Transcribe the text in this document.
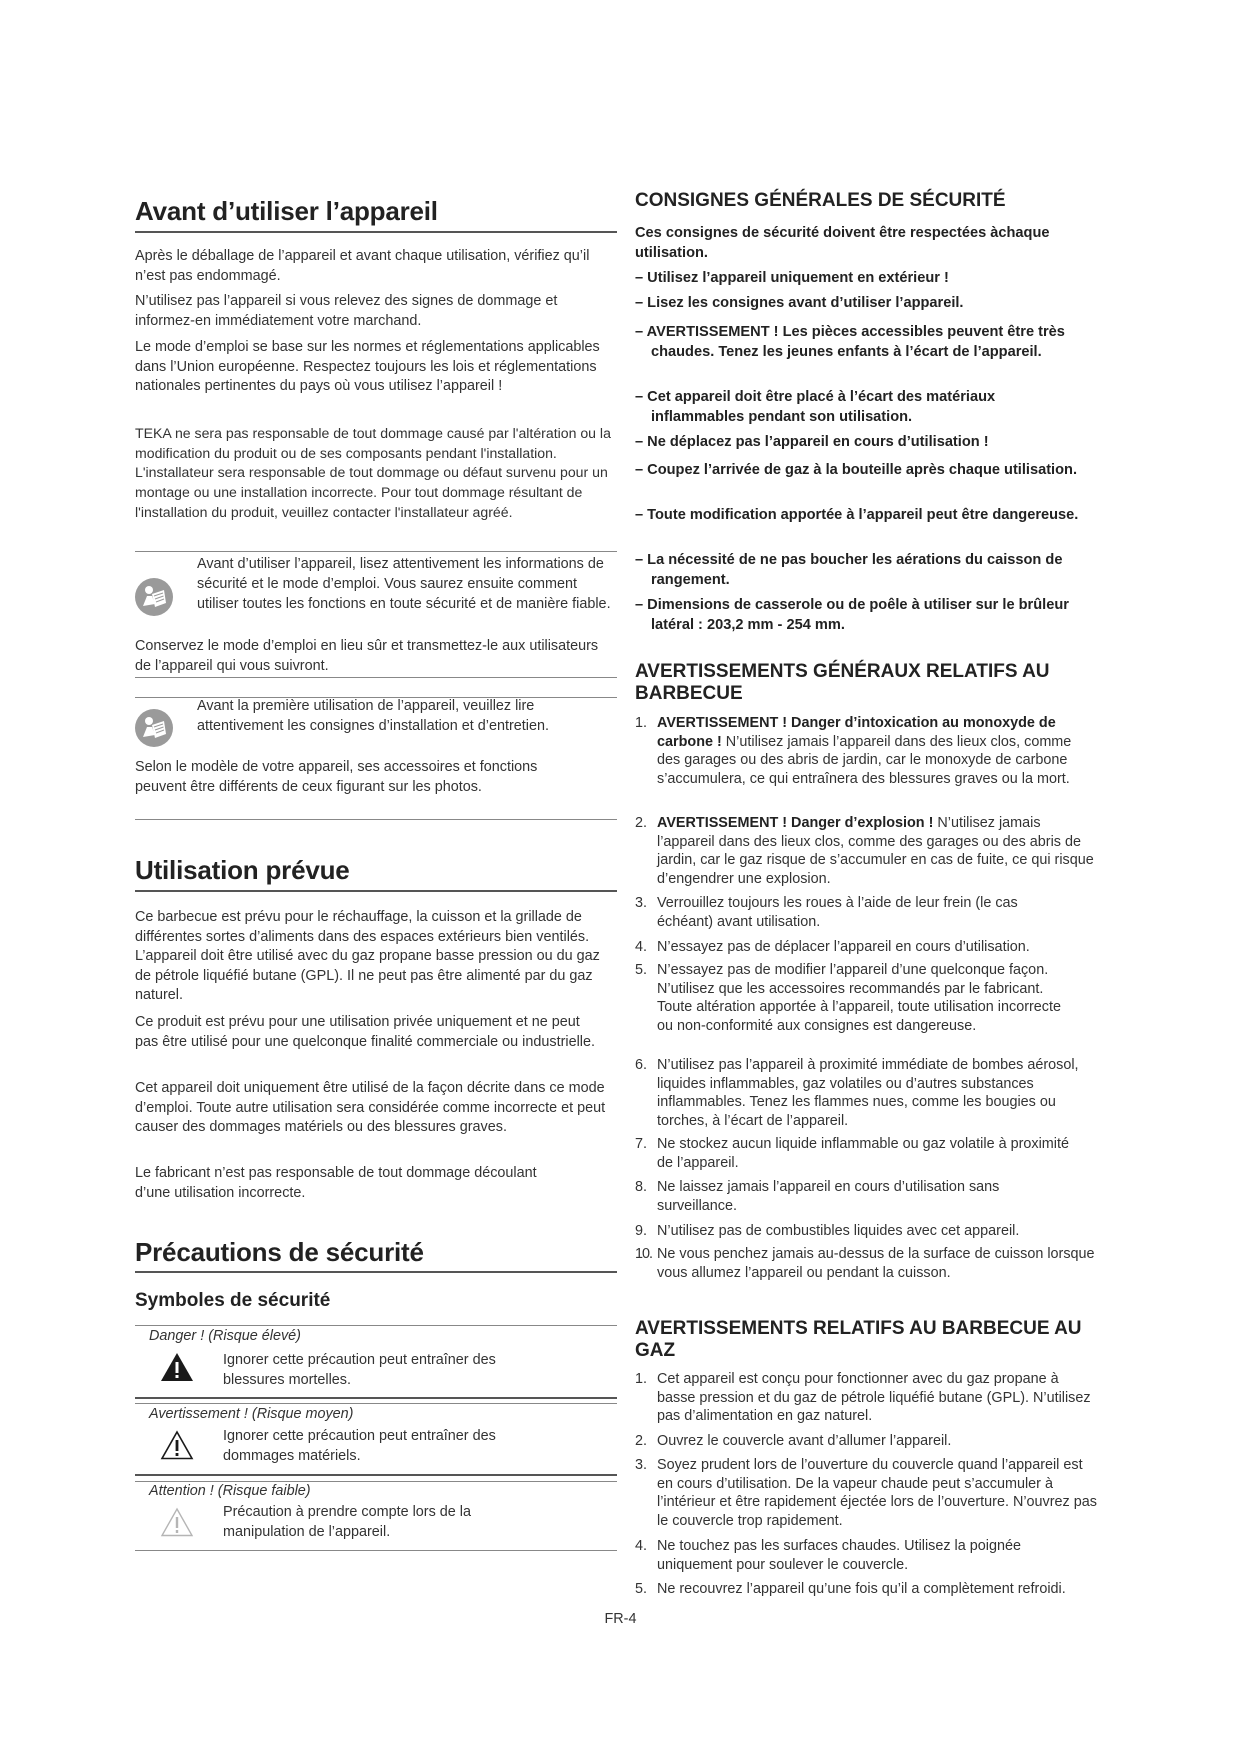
Avant d’utiliser l’appareil

Après le déballage de l’appareil et avant chaque utilisation, vérifiez qu’il n’est pas endommagé.

N’utilisez pas l’appareil si vous relevez des signes de dommage et informez-en immédiatement votre marchand.

Le mode d’emploi se base sur les normes et réglementations applicables dans l’Union européenne. Respectez toujours les lois et réglementations nationales pertinentes du pays où vous utilisez l’appareil !

TEKA ne sera pas responsable de tout dommage causé par l'altération ou la modification du produit ou de ses composants pendant l'installation. L'installateur sera responsable de tout dommage ou défaut survenu pour un montage ou une installation incorrecte. Pour tout dommage résultant de l'installation du produit, veuillez contacter l'installateur agréé.

Avant d’utiliser l’appareil, lisez attentivement les informations de sécurité et le mode d’emploi. Vous saurez ensuite comment utiliser toutes les fonctions en toute sécurité et de manière fiable.

Conservez le mode d’emploi en lieu sûr et transmettez-le aux utilisateurs de l’appareil qui vous suivront.

Avant la première utilisation de l’appareil, veuillez lire attentivement les consignes d’installation et d’entretien.

Selon le modèle de votre appareil, ses accessoires et fonctions peuvent être différents de ceux figurant sur les photos.

Utilisation prévue

Ce barbecue est prévu pour le réchauffage, la cuisson et la grillade de différentes sortes d’aliments dans des espaces extérieurs bien ventilés. L’appareil doit être utilisé avec du gaz propane basse pression ou du gaz de pétrole liquéfié butane (GPL). Il ne peut pas être alimenté par du gaz naturel.

Ce produit est prévu pour une utilisation privée uniquement et ne peut pas être utilisé pour une quelconque finalité commerciale ou industrielle.

Cet appareil doit uniquement être utilisé de la façon décrite dans ce mode d’emploi. Toute autre utilisation sera considérée comme incorrecte et peut causer des dommages matériels ou des blessures graves.

Le fabricant n’est pas responsable de tout dommage découlant d’une utilisation incorrecte.

Précautions de sécurité
Symboles de sécurité

Danger ! (Risque élevé)

Ignorer cette précaution peut entraîner des blessures mortelles.

Avertissement ! (Risque moyen)

Ignorer cette précaution peut entraîner des dommages matériels.

Attention ! (Risque faible)

Précaution à prendre compte lors de la manipulation de l’appareil.

CONSIGNES GÉNÉRALES DE SÉCURITÉ

Ces consignes de sécurité doivent être respectées àchaque utilisation.

– Utilisez l’appareil uniquement en extérieur !

– Lisez les consignes avant d’utiliser l’appareil.

– AVERTISSEMENT ! Les pièces accessibles peuvent être très chaudes. Tenez les jeunes enfants à l’écart de l’appareil.

– Cet appareil doit être placé à l’écart des matériaux inflammables pendant son utilisation.

– Ne déplacez pas l’appareil en cours d’utilisation !

– Coupez l’arrivée de gaz à la bouteille après chaque utilisation.

– Toute modification apportée à l’appareil peut être dangereuse.

– La nécessité de ne pas boucher les aérations du caisson de rangement.

– Dimensions de casserole ou de poêle à utiliser sur le brûleur latéral : 203,2 mm - 254 mm.

AVERTISSEMENTS GÉNÉRAUX RELATIFS AU BARBECUE
1. AVERTISSEMENT ! Danger d’intoxication au monoxyde de carbone ! N’utilisez jamais l’appareil dans des lieux clos, comme des garages ou des abris de jardin, car le monoxyde de carbone s’accumulera, ce qui entraînera des blessures graves ou la mort.
2. AVERTISSEMENT ! Danger d’explosion ! N’utilisez jamais l’appareil dans des lieux clos, comme des garages ou des abris de jardin, car le gaz risque de s’accumuler en cas de fuite, ce qui risque d’engendrer une explosion.
3. Verrouillez toujours les roues à l’aide de leur frein (le cas échéant) avant utilisation.
4. N’essayez pas de déplacer l’appareil en cours d’utilisation.
5. N’essayez pas de modifier l’appareil d’une quelconque façon. N’utilisez que les accessoires recommandés par le fabricant. Toute altération apportée à l’appareil, toute utilisation incorrecte ou non-conformité aux consignes est dangereuse.
6. N’utilisez pas l’appareil à proximité immédiate de bombes aérosol, liquides inflammables, gaz volatiles ou d’autres substances inflammables. Tenez les flammes nues, comme les bougies ou torches, à l’écart de l’appareil.
7. Ne stockez aucun liquide inflammable ou gaz volatile à proximité de l’appareil.
8. Ne laissez jamais l’appareil en cours d’utilisation sans surveillance.
9. N’utilisez pas de combustibles liquides avec cet appareil.
10. Ne vous penchez jamais au-dessus de la surface de cuisson lorsque vous allumez l’appareil ou pendant la cuisson.
AVERTISSEMENTS RELATIFS AU BARBECUE AU GAZ
1. Cet appareil est conçu pour fonctionner avec du gaz propane à basse pression et du gaz de pétrole liquéfié butane (GPL). N’utilisez pas d’alimentation en gaz naturel.
2. Ouvrez le couvercle avant d’allumer l’appareil.
3. Soyez prudent lors de l’ouverture du couvercle quand l’appareil est en cours d’utilisation. De la vapeur chaude peut s’accumuler à l’intérieur et être rapidement éjectée lors de l’ouverture. N’ouvrez pas le couvercle trop rapidement.
4. Ne touchez pas les surfaces chaudes. Utilisez la poignée uniquement pour soulever le couvercle.
5. Ne recouvrez l’appareil qu’une fois qu’il a complètement refroidi.
FR-4
